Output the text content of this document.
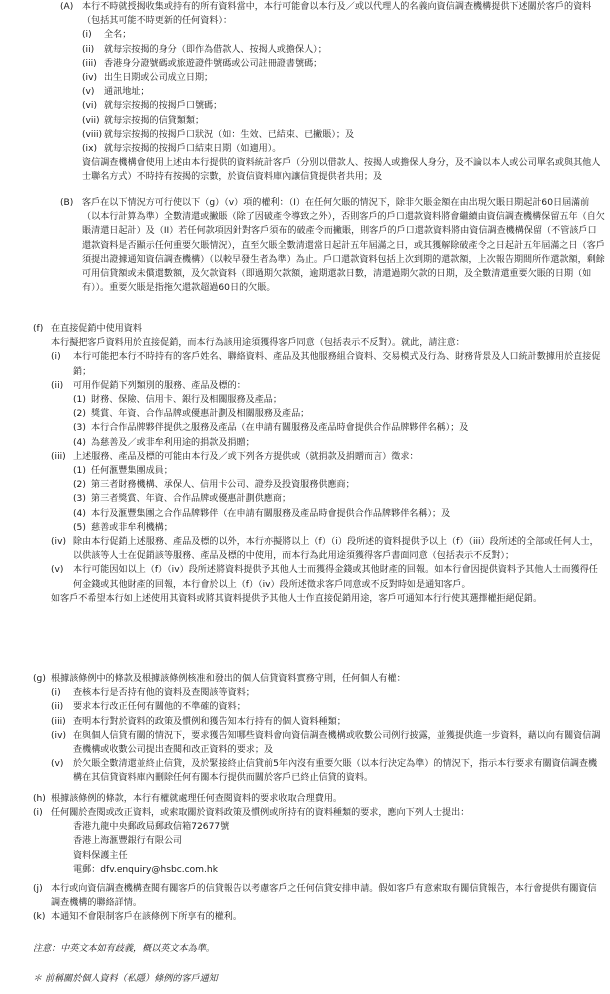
(A) 本行不時就授揭收集或持有的所有資料當中，本行可能會以本行及／或以代理人的名義向資信調查機構提供下述關於客戶的資料（包括其可能不時更新的任何資料）：

(i)	全名；

(ii)	就每宗按揭的身分（即作為借款人、按揭人或擔保人）；

(iii) 香港身分證號碼或旅遊證件號碼或公司註冊證書號碼；

(iv) 出生日期或公司成立日期；

(v)	通訊地址；

(vi) 就每宗按揭的按揭戶口號碼；

(vii) 就每宗按揭的信貸類類；

(viii) 就每宗按揭的按揭戶口狀況（如：生效、已結束、已撇賬）；及

(ix) 就每宗按揭的按揭戶口結束日期（如適用）。

資信調查機構會使用上述由本行提供的資料統計客戶（分別以借款人、按揭人或擔保人身分，及不論以本人或公司單名或與其他人士聯名方式）不時持有按揭的宗數，於資信資料庫內讓信貸提供者共用；及

(B) 客戶在以下情況方可行使以下（g）（v）項的權利：（I）在任何欠賬的情況下，除非欠賬金額在由出現欠賬日期起計60日屆滿前（以本行計算為準）全數清還或撇賬（除了因破產令導致之外），否則客戶的戶口還款資料將會繼續由資信調查機構保留五年（自欠賬清還日起計）及（II）若任何款項因針對客戶須布的破產令而撇賬，則客戶的戶口還款資料將由資信調查機構保留（不管該戶口還款資料是否顯示任何重要欠賬情況），直至欠賬全數清還當日起計五年屆滿之日，或其獲解除破產令之日起計五年屆滿之日（客戶須提出證據通知資信調查機構）（以較早發生者為準）為止。戶口還款資料包括上次到期的還款額，上次報告期間所作還款額，剩餘可用信貸額或未償還數額，及欠款資料（即過期欠款額，逾期還款日數，清還過期欠款的日期，及全數清還重要欠賬的日期（如有））。重要欠賬是指拖欠還款超過60日的欠賬。

(f) 在直接促銷中使用資料

本行擬把客戶資料用於直接促銷，而本行為該用途須獲得客戶同意（包括表示不反對）。就此，請注意：

(i)	本行可能把本行不時持有的客戶姓名、聯絡資料、產品及其他服務組合資料、交易模式及行為、財務背景及人口統計數據用於直接促銷；

(ii)	可用作促銷下列類別的服務、產品及標的：

(1) 財務、保險、信用卡、銀行及相關服務及產品；

(2) 獎賞、年資、合作品牌或優惠計劃及相關服務及產品；

(3) 本行合作品牌夥伴提供之服務及產品（在申請有關服務及產品時會提供合作品牌夥伴名稱）；及

(4) 為慈善及／或非牟利用途的捐款及捐贈；

(iii) 上述服務、產品及標的可能由本行及／或下列各方提供或（就捐款及捐贈而言）徵求：

(1) 任何滙豐集團成員；

(2) 第三者財務機構、承保人、信用卡公司、證券及投資服務供應商；

(3) 第三者獎賞、年資、合作品牌或優惠計劃供應商；

(4) 本行及滙豐集團之合作品牌夥伴（在申請有關服務及產品時會提供合作品牌夥伴名稱）；及

(5) 慈善或非牟利機構；

(iv) 除由本行促銷上述服務、產品及標的以外，本行亦擬將以上（f）（i）段所述的資料提供予以上（f）（iii）段所述的全部或任何人士，以供該等人士在促銷該等服務、產品及標的中使用，而本行為此用途須獲得客戶書面同意（包括表示不反對）；

(v)	本行可能因如以上（f）（iv）段所述將資料提供予其他人士而獲得金錢或其他財產的回報。如本行會因提供資料予其他人士而獲得任何金錢或其他財產的回報，本行會於以上（f）（iv）段所述徵求客戶同意或不反對時如是通知客戶。

如客戶不希望本行如上述使用其資料或將其資料提供予其他人士作直接促銷用途，客戶可通知本行行使其選擇權拒絕促銷。

(g) 根據該條例中的條款及根據該條例核准和發出的個人信貸資料實務守則，任何個人有權：

(i)	查核本行是否持有他的資料及查閱該等資料；

(ii)	要求本行改正任何有關他的不準確的資料；

(iii) 查明本行對於資料的政策及慣例和獲告知本行持有的個人資料種類；

(iv) 在與個人信貸有關的情況下，要求獲告知哪些資料會向資信調查機構或收數公司例行披露，並獲提供進一步資料，藉以向有關資信調查機構或收數公司提出查閱和改正資料的要求；及

(v)	於欠賬全數清還並終止信貸，及於緊接終止信貸前5年內沒有重要欠賬（以本行決定為準）的情況下，指示本行要求有關資信調查機構在其信貸資料庫內刪除任何有關本行提供而關於客戶已終止信貸的資料。

(h) 根據該條例的條款，本行有權就處理任何查閱資料的要求收取合理費用。

(i) 任何關於查閱或改正資料，或索取關於資料政策及慣例或所持有的資料種類的要求，應向下列人士提出：

香港九龍中央郵政局郵政信箱72677號

香港上海滙豐銀行有限公司

資料保護主任

電郵：dfv.enquiry@hsbc.com.hk

(j) 本行或向資信調查機構查閱有關客戶的信貸報告以考慮客戶之任何信貸安排申請。假如客戶有意索取有關信貸報告，本行會提供有關資信調查機構的聯絡詳情。

(k) 本通知不會限制客戶在該條例下所享有的權利。

注意：中英文本如有歧義，概以英文本為準。

＊ 前稱關於個人資料（私隱）條例的客戶通知
